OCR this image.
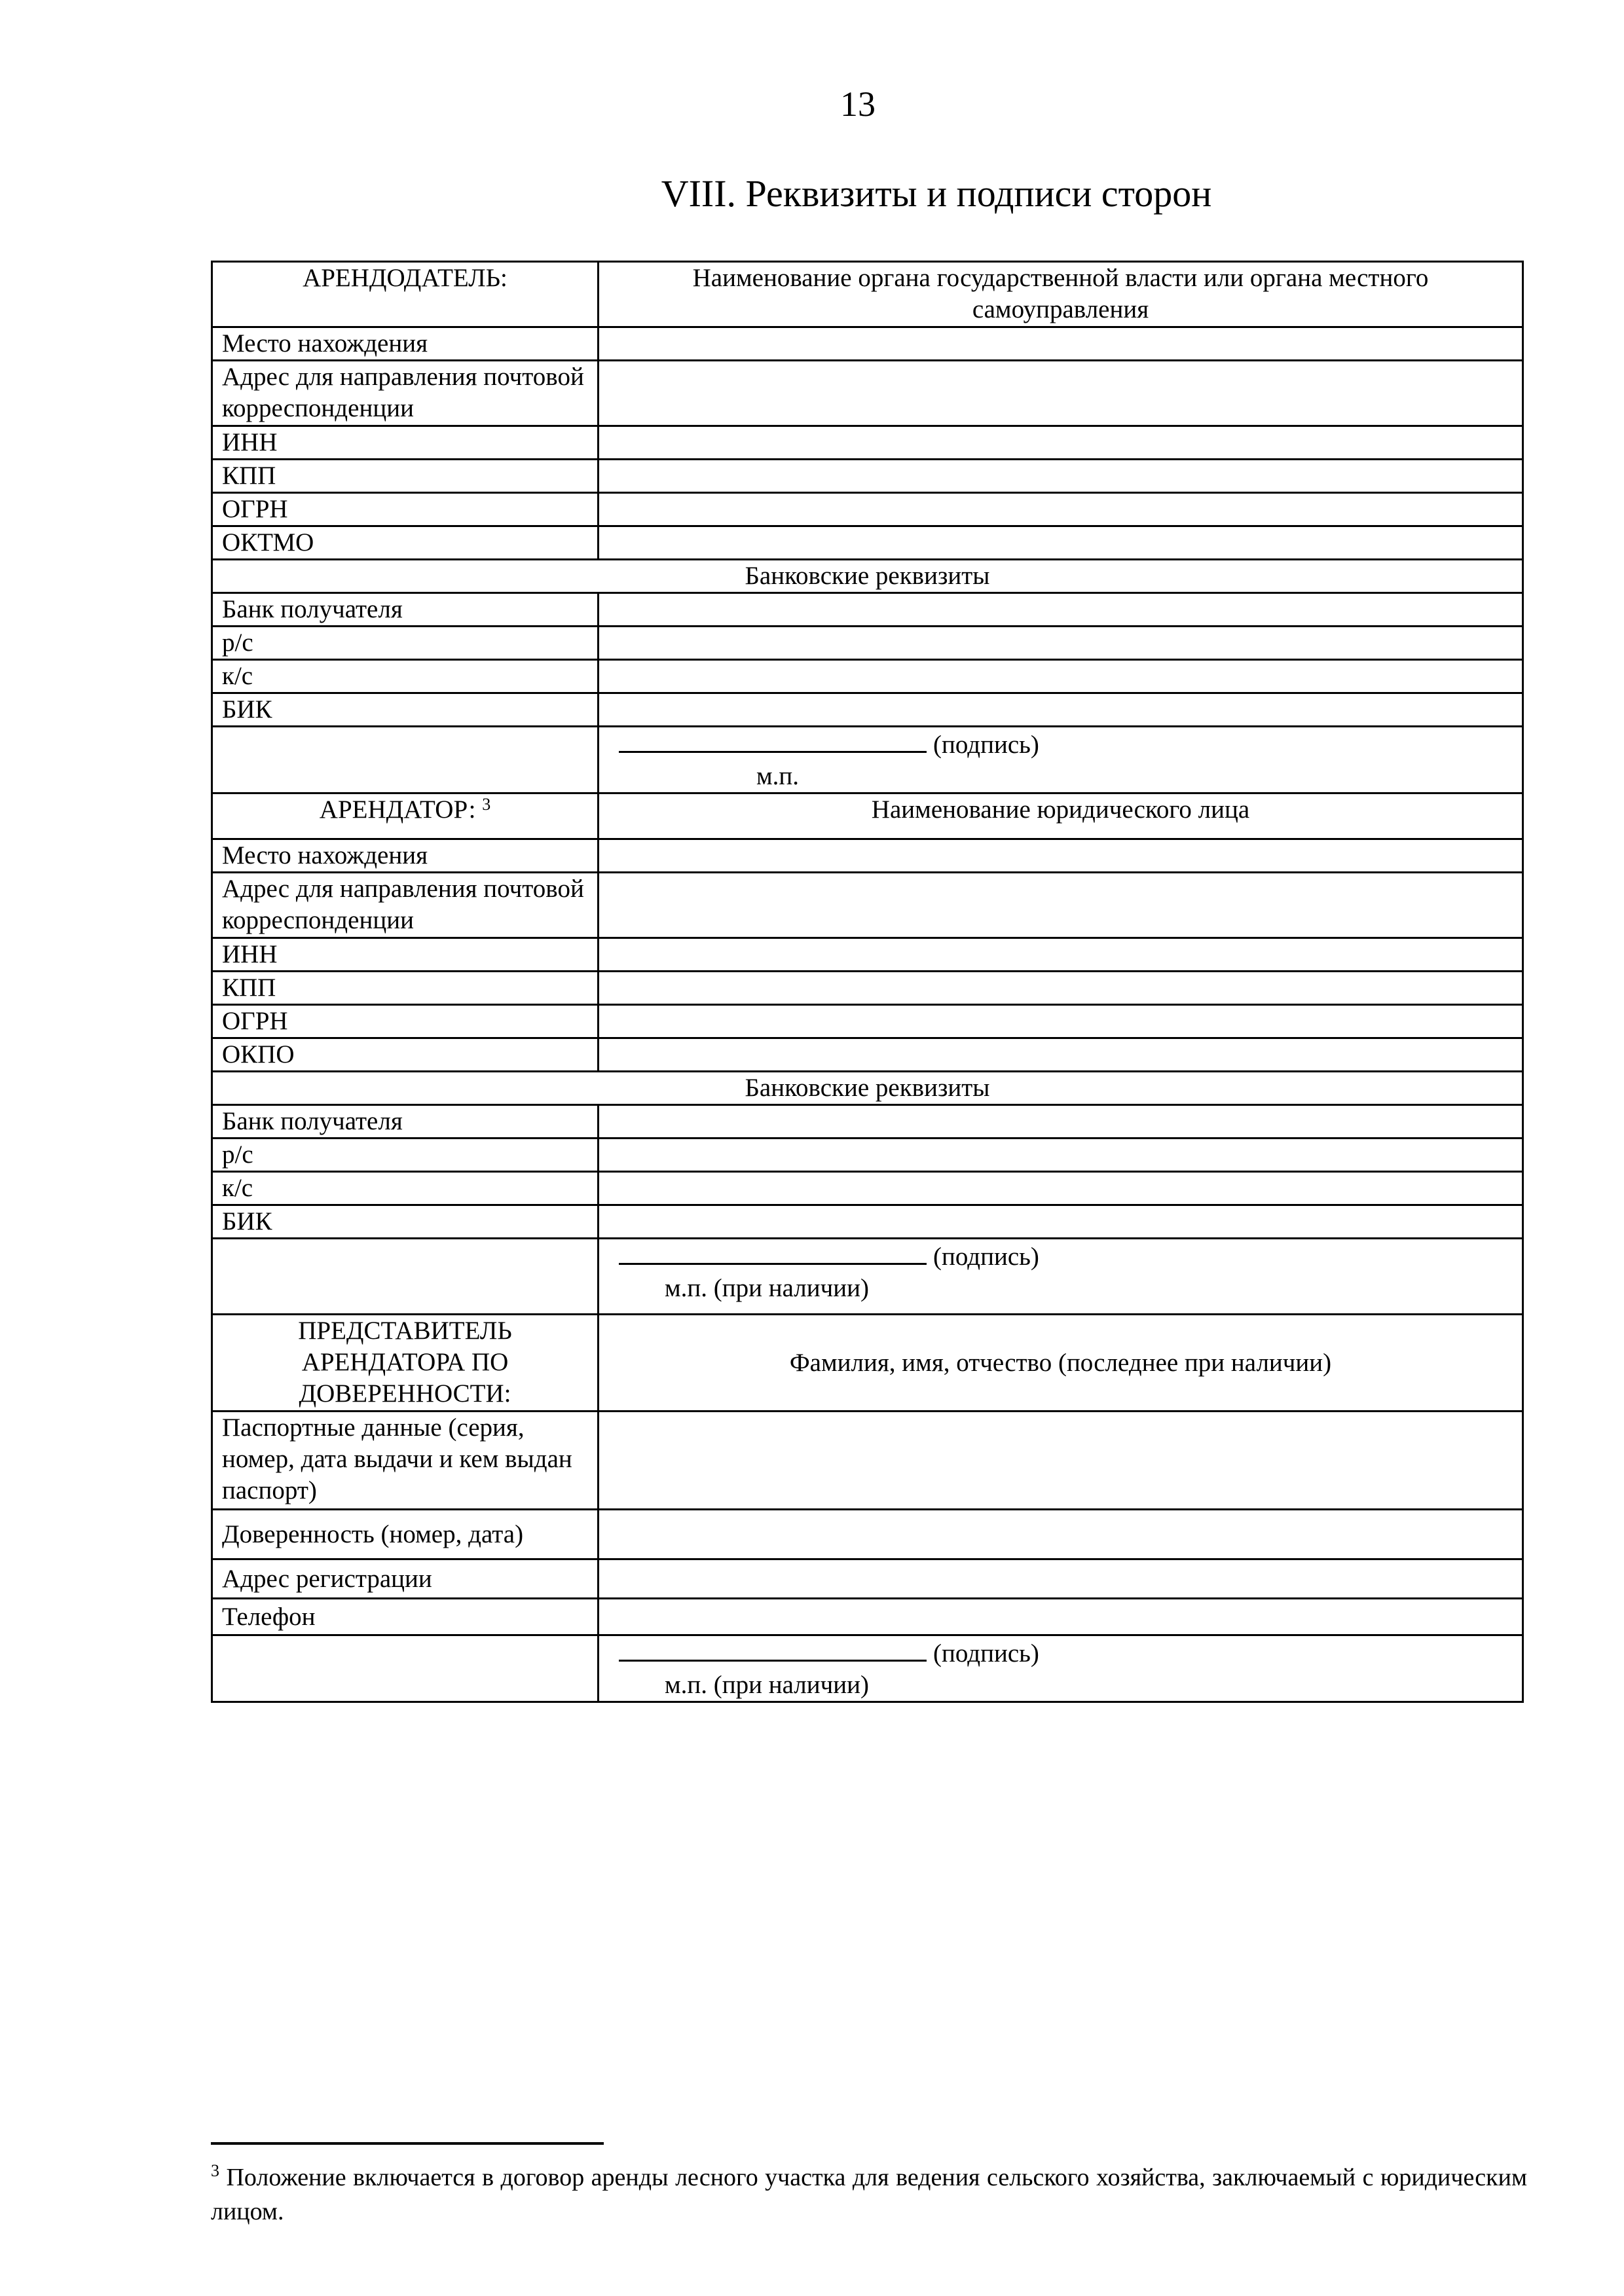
13
VIII. Реквизиты и подписи сторон
АРЕНДОДАТЕЛЬ:	Наименование органа государственной власти или органа местного самоуправления
Место нахождения	
Адрес для направления почтовой корреспонденции	
ИНН	
КПП	
ОГРН	
ОКТМО	
Банковские реквизиты	
Банк получателя	
р/с	
к/с	
БИК	
	(подпись)
м.п.

АРЕНДАТОР: $^3$	Наименование юридического лица
Место нахождения	
Адрес для направления почтовой корреспонденции	
ИНН	
КПП	
ОГРН	
ОКПО	
Банковские реквизиты	
Банк получателя	
р/с	
к/с	
БИК	
	(подпись)
м.п. (при наличии)

ПРЕДСТАВИТЕЛЬ АРЕНДАТОРА ПО ДОВЕРЕННОСТИ:	Фамилия, имя, отчество (последнее при наличии)
Паспортные данные (серия, номер, дата выдачи и кем выдан паспорт)	
Доверенность (номер, дата)	
Адрес регистрации	
Телефон	
	(подпись)
м.п. (при наличии)
$^3$ Положение включается в договор аренды лесного участка для ведения сельского хозяйства, заключаемый с юридическим лицом.
